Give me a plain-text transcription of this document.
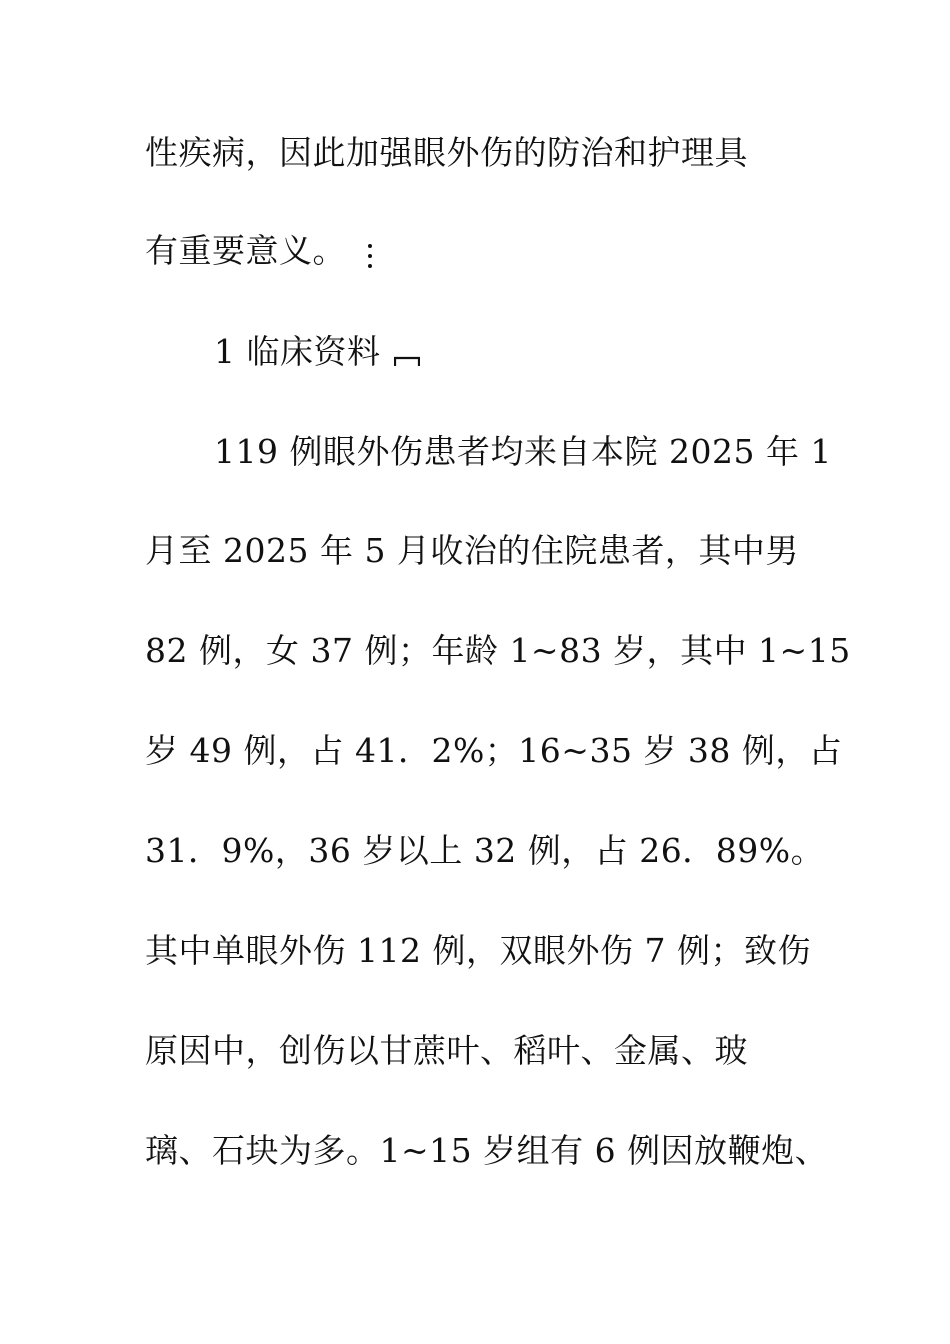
性疾病，因此加强眼外伤的防治和护理具
有重要意义。
1 临床资料
119 例眼外伤患者均来自本院 2025 年 1
月至 2025 年 5 月收治的住院患者，其中男
82 例，女 37 例；年龄 1~83 岁，其中 1~15
岁 49 例，占 41．2%；16~35 岁 38 例，占
31．9%，36 岁以上 32 例，占 26．89%。
其中单眼外伤 112 例，双眼外伤 7 例；致伤
原因中，创伤以甘蔗叶、稻叶、金属、玻
璃、石块为多。1~15 岁组有 6 例因放鞭炮、
